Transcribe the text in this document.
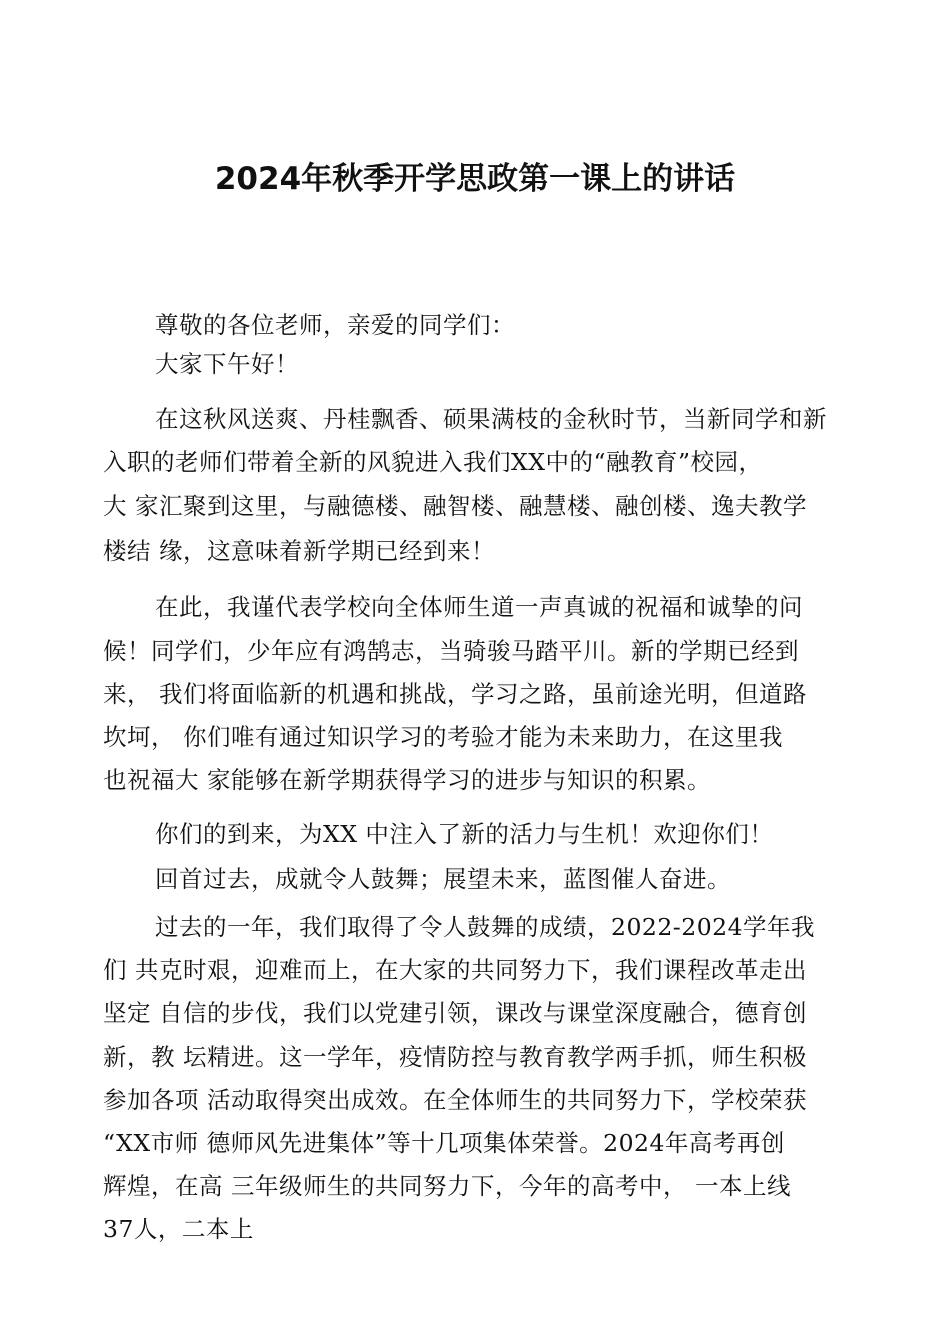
2024年秋季开学思政第一课上的讲话
尊敬的各位老师，亲爱的同学们：
大家下午好！
在这秋风送爽、丹桂飘香、硕果满枝的金秋时节，当新同学和新
入职的老师们带着全新的风貌进入我们XX中的“融教育”校园，
大 家汇聚到这里，与融德楼、融智楼、融慧楼、融创楼、逸夫教学
楼结 缘，这意味着新学期已经到来！
在此，我谨代表学校向全体师生道一声真诚的祝福和诚挚的问
候！同学们，少年应有鸿鹄志，当骑骏马踏平川。新的学期已经到
来， 我们将面临新的机遇和挑战，学习之路，虽前途光明，但道路
坎坷， 你们唯有通过知识学习的考验才能为未来助力，在这里我
也祝福大 家能够在新学期获得学习的进步与知识的积累。
你们的到来，为XX 中注入了新的活力与生机！欢迎你们！
回首过去，成就令人鼓舞；展望未来，蓝图催人奋进。
过去的一年，我们取得了令人鼓舞的成绩，2022-2024学年我
们 共克时艰，迎难而上，在大家的共同努力下，我们课程改革走出
坚定 自信的步伐，我们以党建引领，课改与课堂深度融合，德育创
新，教 坛精进。这一学年，疫情防控与教育教学两手抓，师生积极
参加各项 活动取得突出成效。在全体师生的共同努力下，学校荣获
“XX市师 德师风先进集体”等十几项集体荣誉。2024年高考再创
辉煌，在高 三年级师生的共同努力下，今年的高考中， 一本上线
37人，二本上
